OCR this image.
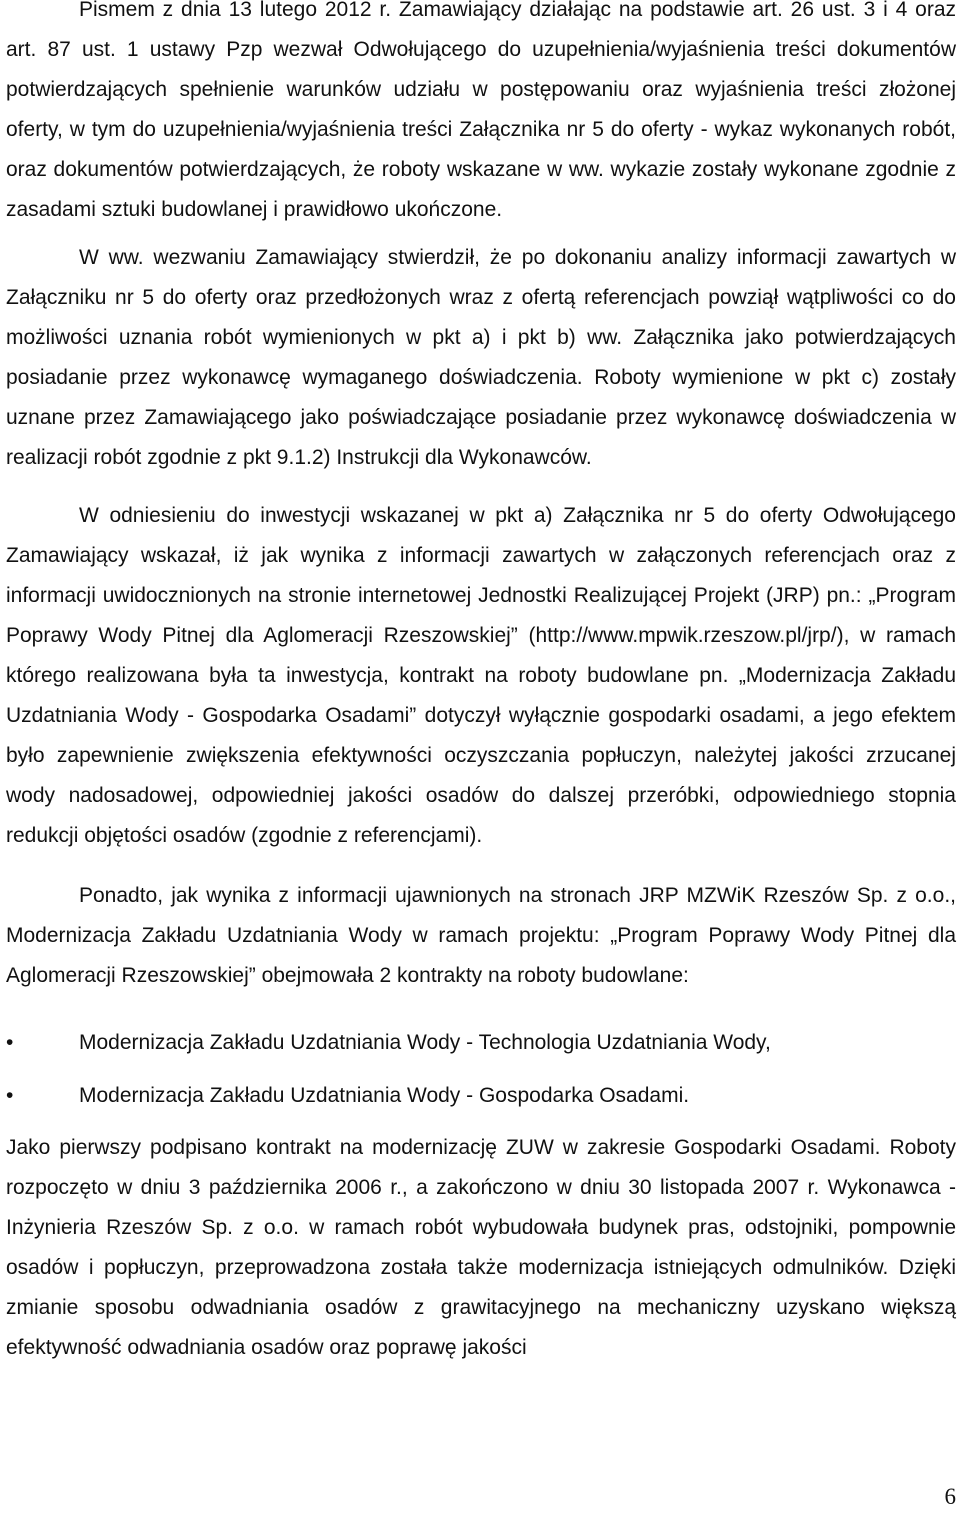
Pismem z dnia 13 lutego 2012 r. Zamawiający działając na podstawie art. 26 ust. 3 i 4 oraz art. 87 ust. 1 ustawy Pzp wezwał Odwołującego do uzupełnienia/wyjaśnienia treści dokumentów potwierdzających spełnienie warunków udziału w postępowaniu oraz wyjaśnienia treści złożonej oferty, w tym do uzupełnienia/wyjaśnienia treści Załącznika nr 5 do oferty - wykaz wykonanych robót, oraz dokumentów potwierdzających, że roboty wskazane w ww. wykazie zostały wykonane zgodnie z zasadami sztuki budowlanej i prawidłowo ukończone.

W ww. wezwaniu Zamawiający stwierdził, że po dokonaniu analizy informacji zawartych w Załączniku nr 5 do oferty oraz przedłożonych wraz z ofertą referencjach powziął wątpliwości co do możliwości uznania robót wymienionych w pkt a) i pkt b) ww. Załącznika jako potwierdzających posiadanie przez wykonawcę wymaganego doświadczenia. Roboty wymienione w pkt c) zostały uznane przez Zamawiającego jako poświadczające posiadanie przez wykonawcę doświadczenia w realizacji robót zgodnie z pkt 9.1.2) Instrukcji dla Wykonawców.

W odniesieniu do inwestycji wskazanej w pkt a) Załącznika nr 5 do oferty Odwołującego Zamawiający wskazał, iż jak wynika z informacji zawartych w załączonych referencjach oraz z informacji uwidocznionych na stronie internetowej Jednostki Realizującej Projekt (JRP) pn.: „Program Poprawy Wody Pitnej dla Aglomeracji Rzeszowskiej” (http://www.mpwik.rzeszow.pl/jrp/), w ramach którego realizowana była ta inwestycja, kontrakt na roboty budowlane pn. „Modernizacja Zakładu Uzdatniania Wody - Gospodarka Osadami” dotyczył wyłącznie gospodarki osadami, a jego efektem było zapewnienie zwiększenia efektywności oczyszczania popłuczyn, należytej jakości zrzucanej wody nadosadowej, odpowiedniej jakości osadów do dalszej przeróbki, odpowiedniego stopnia redukcji objętości osadów (zgodnie z referencjami).

Ponadto, jak wynika z informacji ujawnionych na stronach JRP MZWiK Rzeszów Sp. z o.o., Modernizacja Zakładu Uzdatniania Wody w ramach projektu: „Program Poprawy Wody Pitnej dla Aglomeracji Rzeszowskiej” obejmowała 2 kontrakty na roboty budowlane:

•	Modernizacja Zakładu Uzdatniania Wody - Technologia Uzdatniania Wody,
•	Modernizacja Zakładu Uzdatniania Wody - Gospodarka Osadami.

Jako pierwszy podpisano kontrakt na modernizację ZUW w zakresie Gospodarki Osadami. Roboty rozpoczęto w dniu 3 października 2006 r., a zakończono w dniu 30 listopada 2007 r. Wykonawca - Inżynieria Rzeszów Sp. z o.o. w ramach robót wybudowała budynek pras, odstojniki, pompownie osadów i popłuczyn, przeprowadzona została także modernizacja istniejących odmulników. Dzięki zmianie sposobu odwadniania osadów z grawitacyjnego na mechaniczny uzyskano większą efektywność odwadniania osadów oraz poprawę jakości

6
